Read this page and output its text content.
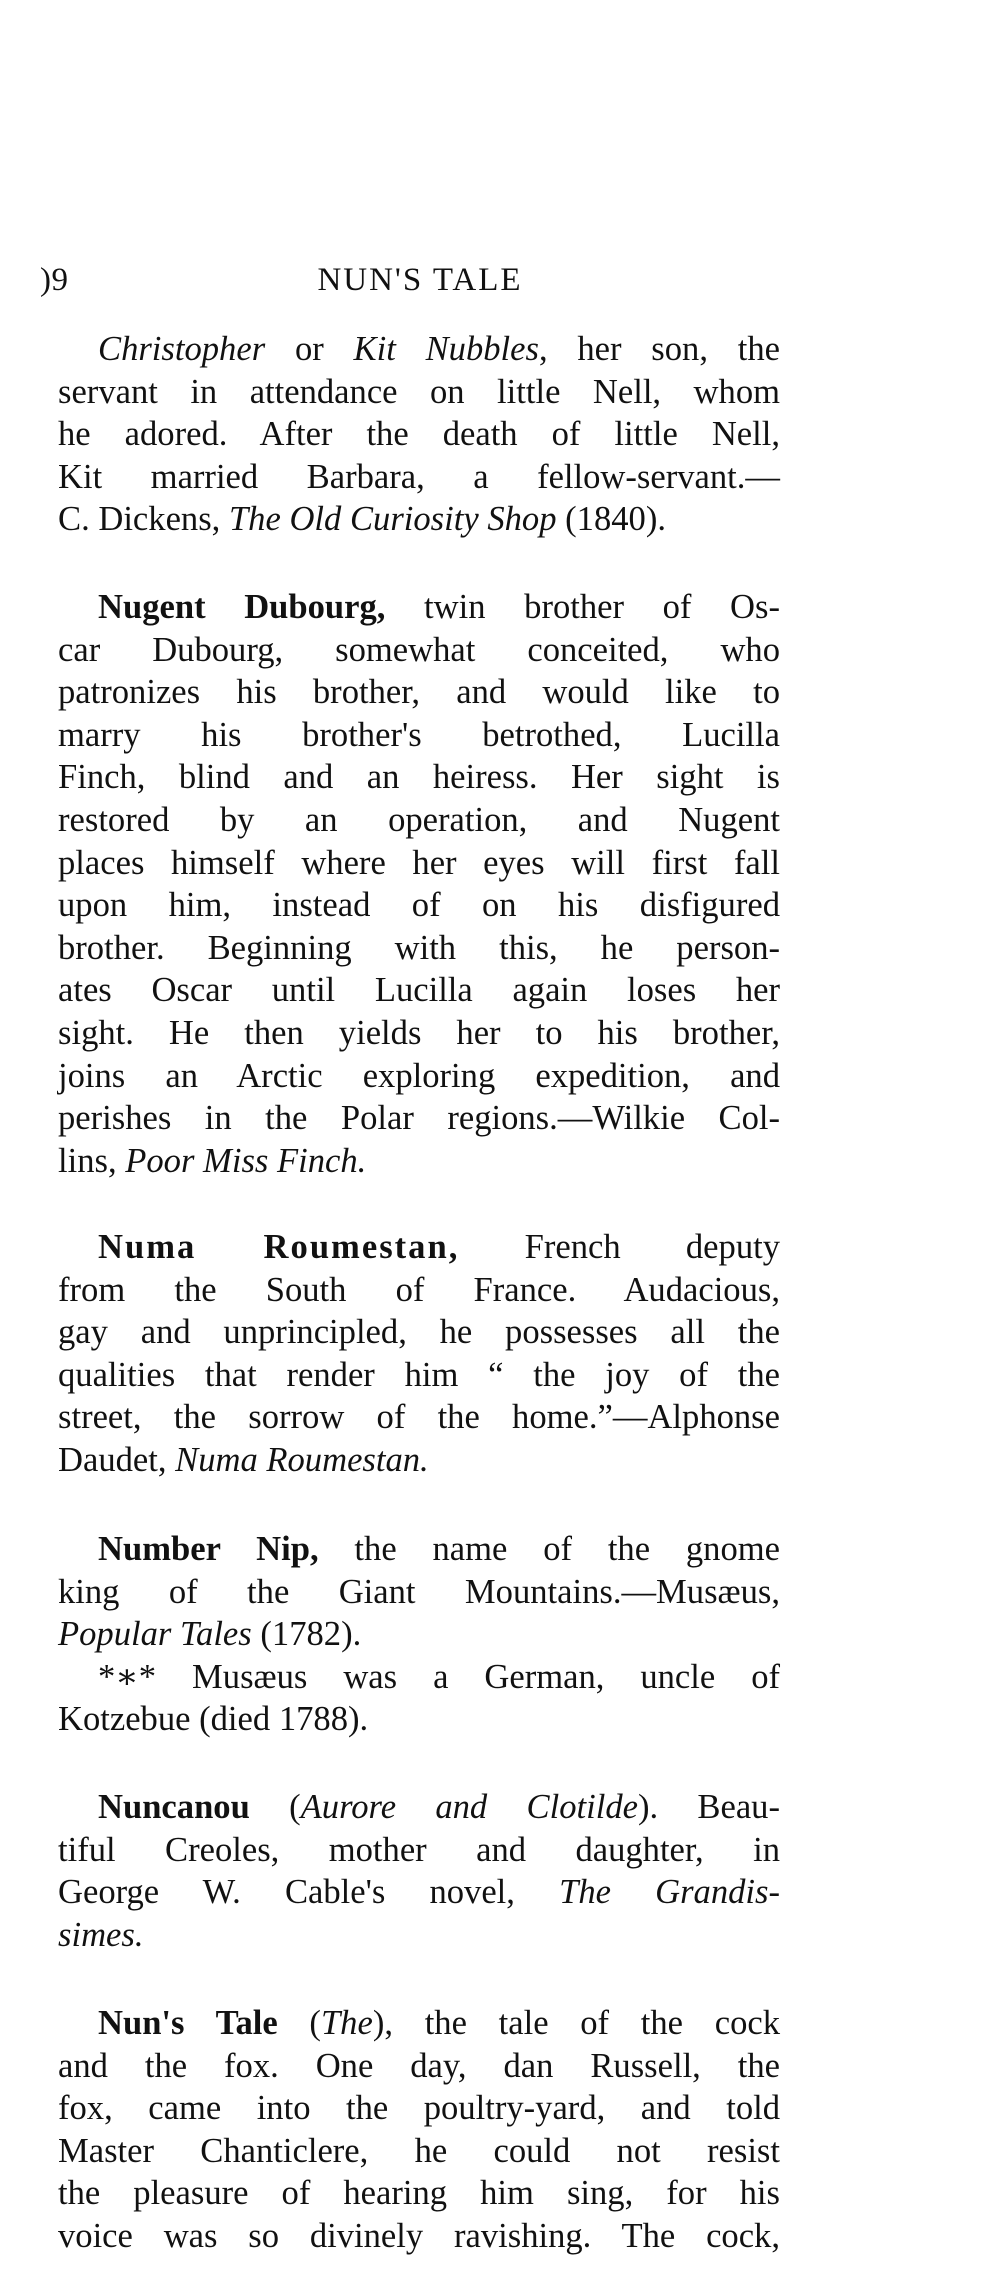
)9	NUN'S TALE
Christopher or Kit Nubbles, her son, the
servant in attendance on little Nell, whom
he adored. After the death of little Nell,
Kit married Barbara, a fellow-servant.—
C. Dickens, The Old Curiosity Shop (1840).
Nugent Dubourg, twin brother of Os-
car Dubourg, somewhat conceited, who
patronizes his brother, and would like to
marry his brother's betrothed, Lucilla
Finch, blind and an heiress. Her sight is
restored by an operation, and Nugent
places himself where her eyes will first fall
upon him, instead of on his disfigured
brother. Beginning with this, he person-
ates Oscar until Lucilla again loses her
sight. He then yields her to his brother,
joins an Arctic exploring expedition, and
perishes in the Polar regions.—Wilkie Col-
lins, Poor Miss Finch.
Numa Roumestan, French deputy
from the South of France. Audacious,
gay and unprincipled, he possesses all the
qualities that render him “ the joy of the
street, the sorrow of the home.”—Alphonse
Daudet, Numa Roumestan.
Number Nip, the name of the gnome
king of the Giant Mountains.—Musæus,
Popular Tales (1782).
*∗* Musæus was a German, uncle of
Kotzebue (died 1788).
Nuncanou (Aurore and Clotilde). Beau-
tiful Creoles, mother and daughter, in
George W. Cable's novel, The Grandis-
simes.
Nun's Tale (The), the tale of the cock
and the fox. One day, dan Russell, the
fox, came into the poultry-yard, and told
Master Chanticlere, he could not resist
the pleasure of hearing him sing, for his
voice was so divinely ravishing. The cock,
